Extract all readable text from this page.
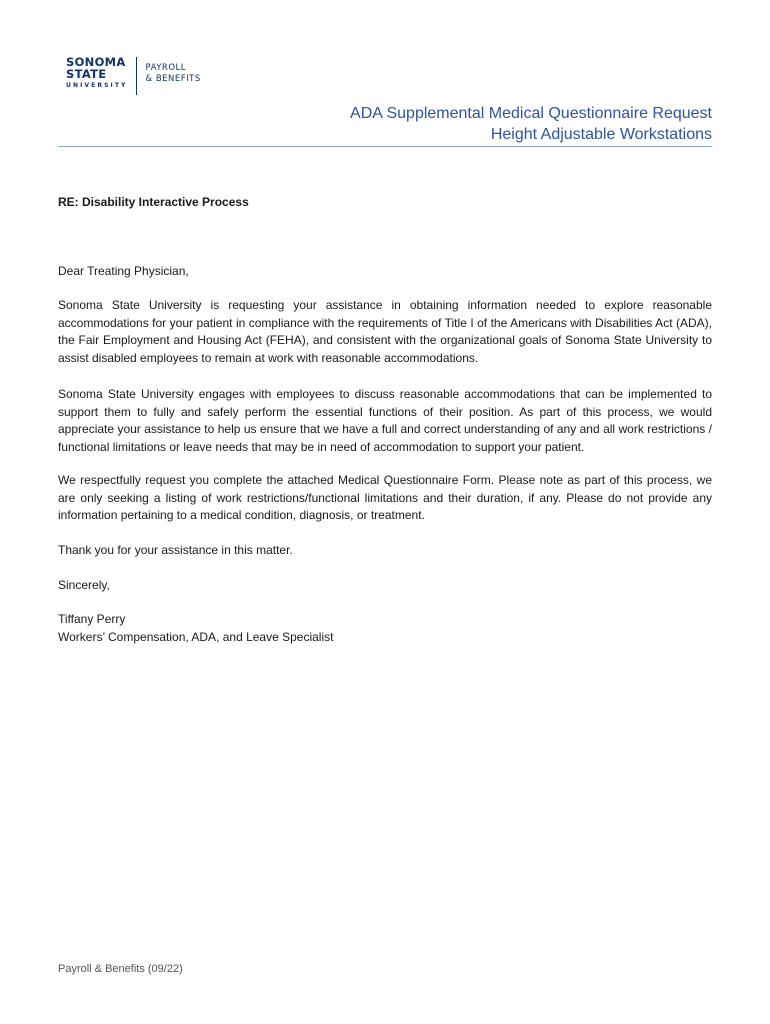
SONOMA
STATE
UNIVERSITY
PAYROLL
& BENEFITS
ADA Supplemental Medical Questionnaire Request
Height Adjustable Workstations
RE: Disability Interactive Process

Dear Treating Physician,

Sonoma State University is requesting your assistance in obtaining information needed to explore reasonable accommodations for your patient in compliance with the requirements of Title I of the Americans with Disabilities Act (ADA), the Fair Employment and Housing Act (FEHA), and consistent with the organizational goals of Sonoma State University to assist disabled employees to remain at work with reasonable accommodations.

Sonoma State University engages with employees to discuss reasonable accommodations that can be implemented to support them to fully and safely perform the essential functions of their position. As part of this process, we would appreciate your assistance to help us ensure that we have a full and correct understanding of any and all work restrictions / functional limitations or leave needs that may be in need of accommodation to support your patient.

We respectfully request you complete the attached Medical Questionnaire Form. Please note as part of this process, we are only seeking a listing of work restrictions/functional limitations and their duration, if any. Please do not provide any information pertaining to a medical condition, diagnosis, or treatment.

Thank you for your assistance in this matter.

Sincerely,

Tiffany Perry

Workers’ Compensation, ADA, and Leave Specialist

Payroll & Benefits (09/22)
